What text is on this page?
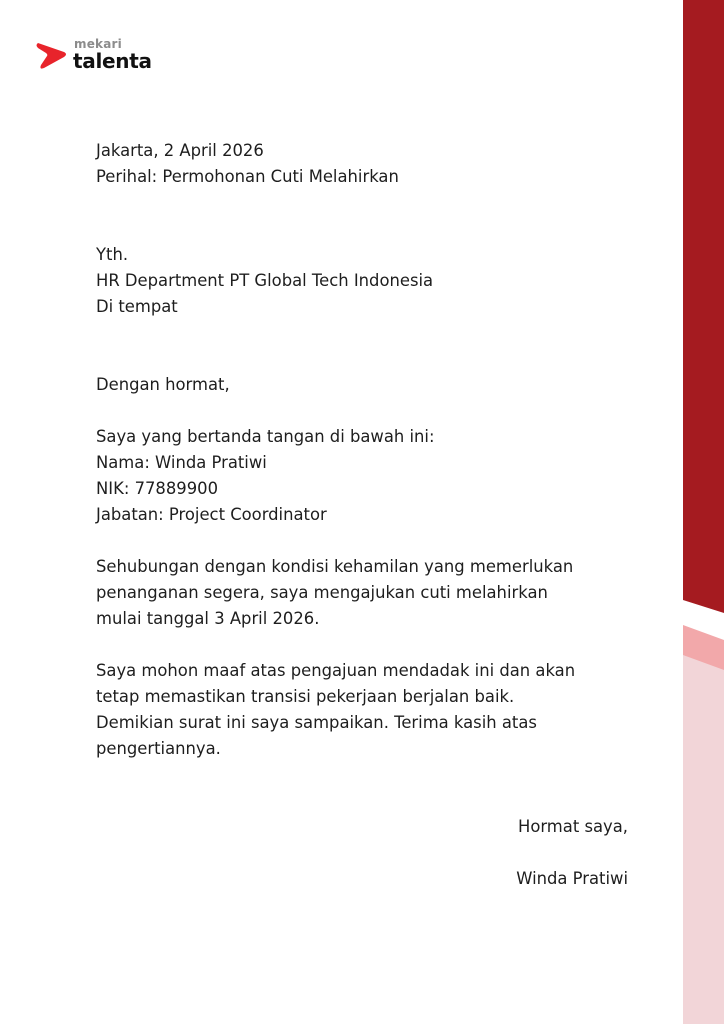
mekari
talenta
Jakarta, 2 April 2026
Perihal: Permohonan Cuti Melahirkan
Yth.
HR Department PT Global Tech Indonesia
Di tempat
Dengan hormat,
Saya yang bertanda tangan di bawah ini:
Nama: Winda Pratiwi
NIK: 77889900
Jabatan: Project Coordinator
Sehubungan dengan kondisi kehamilan yang memerlukan
penanganan segera, saya mengajukan cuti melahirkan
mulai tanggal 3 April 2026.
Saya mohon maaf atas pengajuan mendadak ini dan akan
tetap memastikan transisi pekerjaan berjalan baik.
Demikian surat ini saya sampaikan. Terima kasih atas
pengertiannya.
Hormat saya,
Winda Pratiwi
